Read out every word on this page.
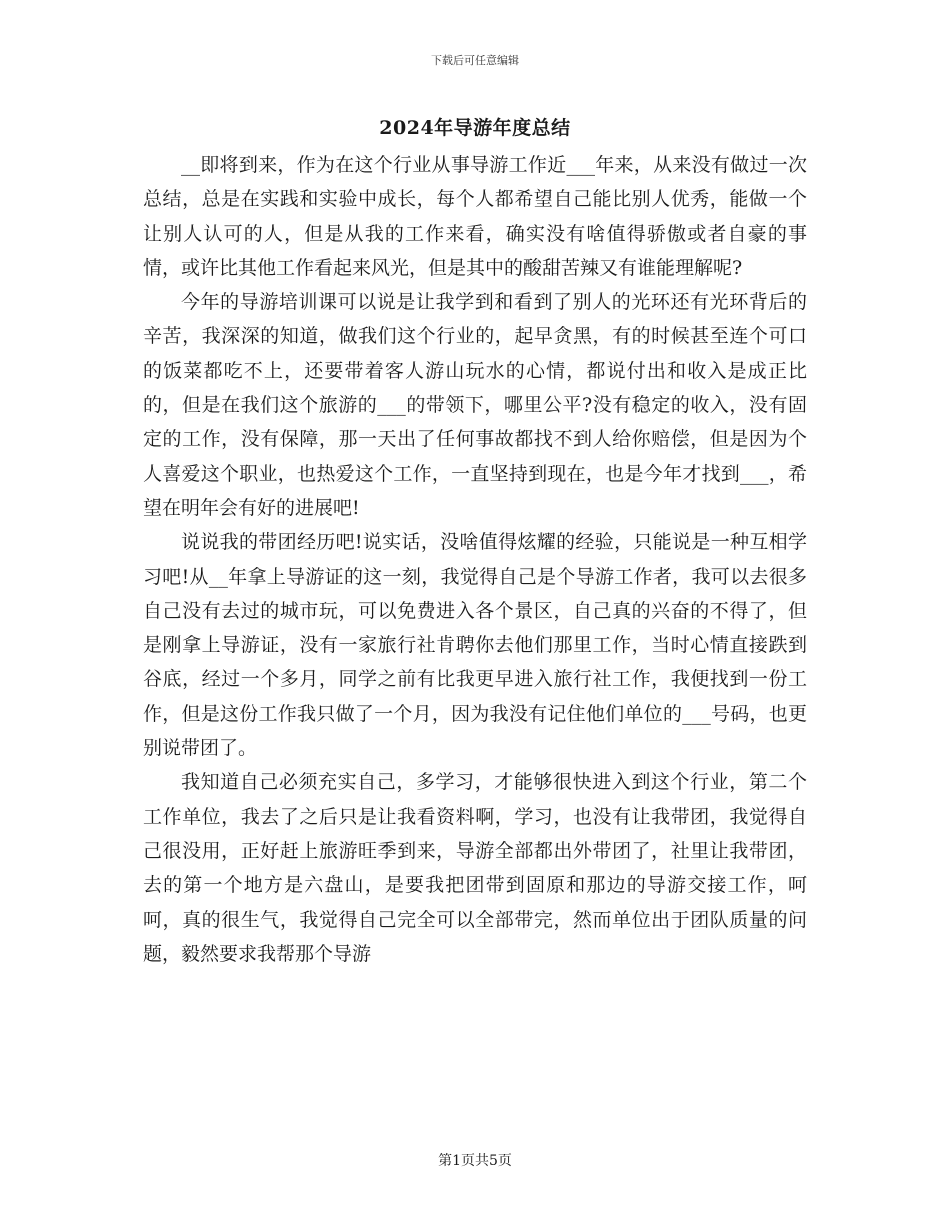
下载后可任意编辑
2024年导游年度总结

__即将到来，作为在这个行业从事导游工作近___年来，从来没有做过一次总结，总是在实践和实验中成长，每个人都希望自己能比别人优秀，能做一个让别人认可的人，但是从我的工作来看，确实没有啥值得骄傲或者自豪的事情，或许比其他工作看起来风光，但是其中的酸甜苦辣又有谁能理解呢?

今年的导游培训课可以说是让我学到和看到了别人的光环还有光环背后的辛苦，我深深的知道，做我们这个行业的，起早贪黑，有的时候甚至连个可口的饭菜都吃不上，还要带着客人游山玩水的心情，都说付出和收入是成正比的，但是在我们这个旅游的___的带领下，哪里公平?没有稳定的收入，没有固定的工作，没有保障，那一天出了任何事故都找不到人给你赔偿，但是因为个人喜爱这个职业，也热爱这个工作，一直坚持到现在，也是今年才找到___，希望在明年会有好的进展吧!

说说我的带团经历吧!说实话，没啥值得炫耀的经验，只能说是一种互相学习吧!从__年拿上导游证的这一刻，我觉得自己是个导游工作者，我可以去很多自己没有去过的城市玩，可以免费进入各个景区，自己真的兴奋的不得了，但是刚拿上导游证，没有一家旅行社肯聘你去他们那里工作，当时心情直接跌到谷底，经过一个多月，同学之前有比我更早进入旅行社工作，我便找到一份工作，但是这份工作我只做了一个月，因为我没有记住他们单位的___号码，也更别说带团了。

我知道自己必须充实自己，多学习，才能够很快进入到这个行业，第二个工作单位，我去了之后只是让我看资料啊，学习，也没有让我带团，我觉得自己很没用，正好赶上旅游旺季到来，导游全部都出外带团了，社里让我带团，去的第一个地方是六盘山，是要我把团带到固原和那边的导游交接工作，呵呵，真的很生气，我觉得自己完全可以全部带完，然而单位出于团队质量的问题，毅然要求我帮那个导游

第1页共5页
